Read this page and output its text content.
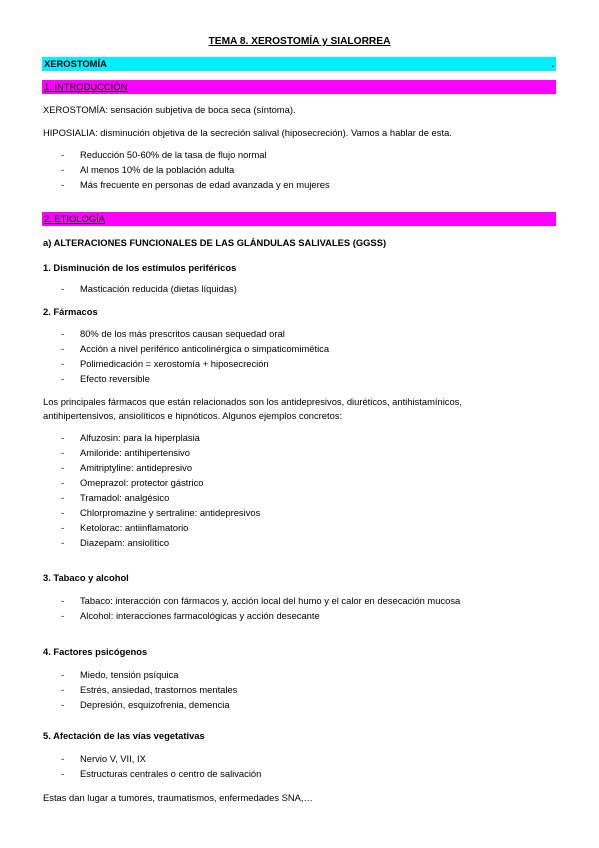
TEMA 8. XEROSTOMÍA y SIALORREA
XEROSTOMÍA	.
1. INTRODUCCIÓN
XEROSTOMÍA: sensación subjetiva de boca seca (síntoma).
HIPOSIALIA: disminución objetiva de la secreción salival (hiposecreción). Vamos a hablar de esta.
- Reducción 50-60% de la tasa de flujo normal
- Al menos 10% de la población adulta
- Más frecuente en personas de edad avanzada y en mujeres
2. ETIOLOGÍA
a) ALTERACIONES FUNCIONALES DE LAS GLÁNDULAS SALIVALES (GGSS)
1. Disminución de los estímulos periféricos
- Masticación reducida (dietas líquidas)
2. Fármacos
- 80% de los más prescritos causan sequedad oral
- Acción a nivel periférico anticolinérgica o simpaticomimética
- Polimedicación = xerostomía + hiposecreción
- Efecto reversible
Los principales fármacos que están relacionados son los antidepresivos, diuréticos, antihistamínicos,
antihipertensivos, ansiolíticos e hipnóticos. Algunos ejemplos concretos:
- Alfuzosin: para la hiperplasia
- Amiloride: antihipertensivo
- Amitriptyline: antidepresivo
- Omeprazol: protector gástrico
- Tramadol: analgésico
- Chlorpromazine y sertraline: antidepresivos
- Ketolorac: antiinflamatorio
- Diazepam: ansiolítico
3. Tabaco y alcohol
- Tabaco: interacción con fármacos y, acción local del humo y el calor en desecación mucosa
- Alcohol: interacciones farmacológicas y acción desecante
4. Factores psicógenos
- Miedo, tensión psíquica
- Estrés, ansiedad, trastornos mentales
- Depresión, esquizofrenia, demencia
5. Afectación de las vías vegetativas
- Nervio V, VII, IX
- Estructuras centrales o centro de salivación
Estas dan lugar a tumores, traumatismos, enfermedades SNA,…
